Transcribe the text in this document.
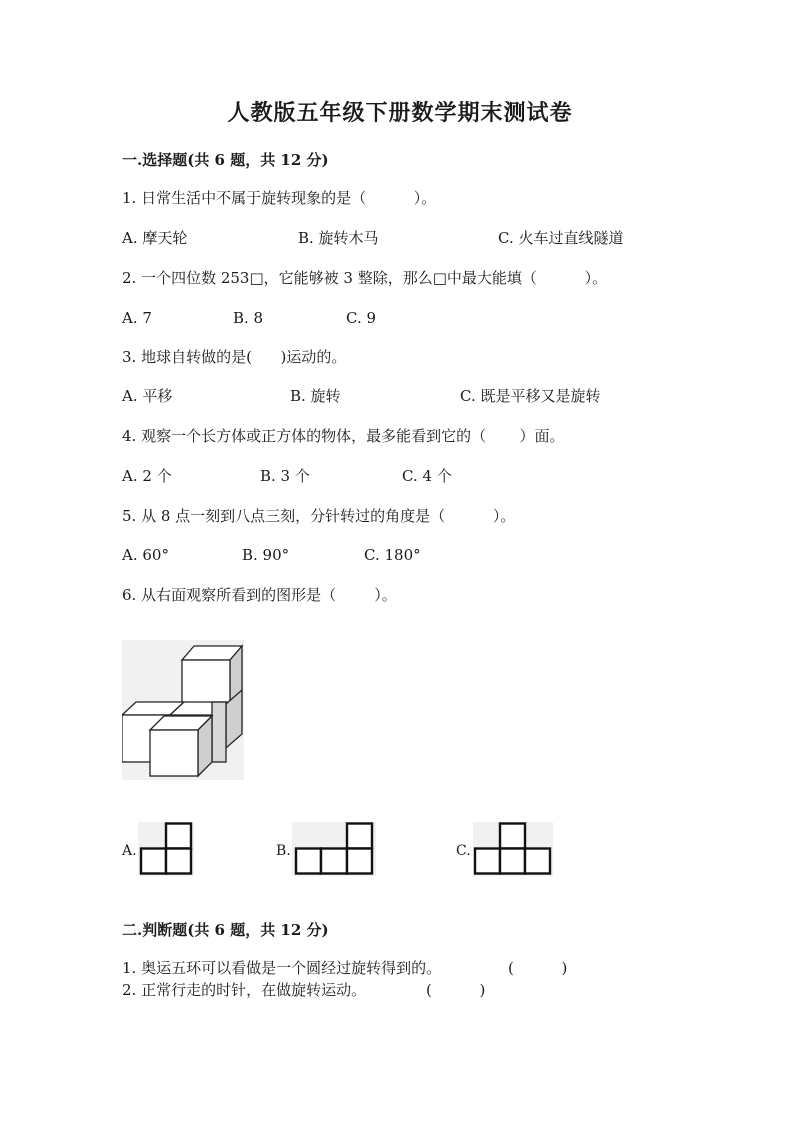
人教版五年级下册数学期末测试卷
一.选择题(共 6 题，共 12 分)
1. 日常生活中不属于旋转现象的是（          ）。
A. 摩天轮	B. 旋转木马	C. 火车过直线隧道
2. 一个四位数 253□，它能够被 3 整除，那么□中最大能填（          ）。
A. 7	B. 8	C. 9
3. 地球自转做的是(      )运动的。
A. 平移	B. 旋转	C. 既是平移又是旋转
4. 观察一个长方体或正方体的物体，最多能看到它的（       ）面。
A. 2 个	B. 3 个	C. 4 个
5. 从 8 点一刻到八点三刻，分针转过的角度是（          ）。
A. 60°	B. 90°	C. 180°
6. 从右面观察所看到的图形是（        ）。
A.	B.	C.
二.判断题(共 6 题，共 12 分)
1. 奥运五环可以看做是一个圆经过旋转得到的。	(          )
2. 正常行走的时针，在做旋转运动。	(          )
